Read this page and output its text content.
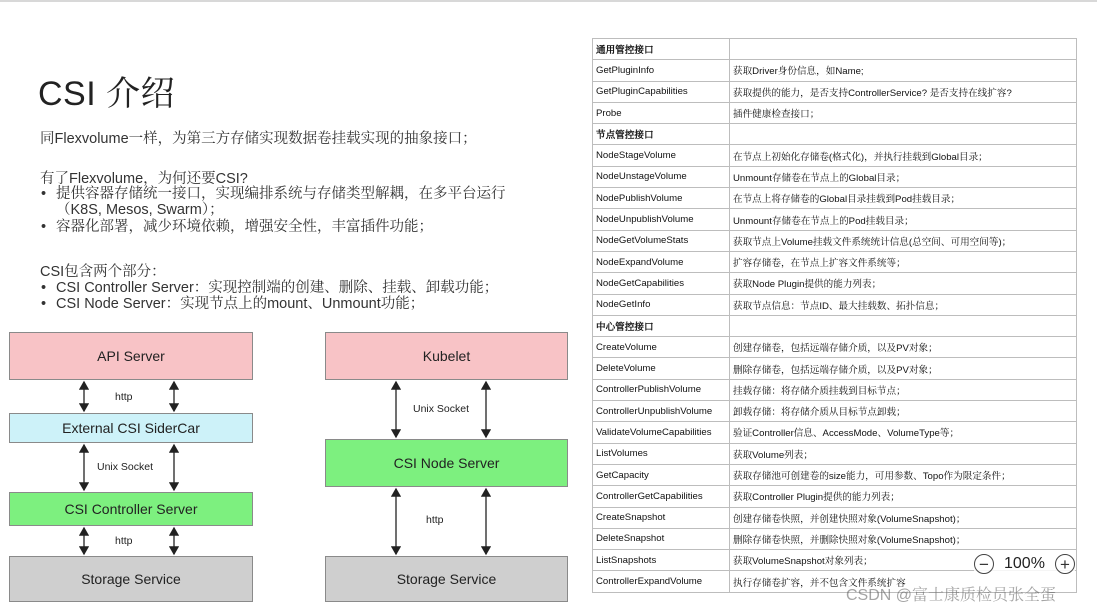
CSI 介绍
同Flexvolume一样，为第三方存储实现数据卷挂载实现的抽象接口；
有了Flexvolume，为何还要CSI?
• 提供容器存储统一接口，实现编排系统与存储类型解耦，在多平台运行（K8S, Mesos, Swarm）；
• 容器化部署，减少环境依赖，增强安全性，丰富插件功能；
CSI包含两个部分：
• CSI Controller Server：实现控制端的创建、删除、挂载、卸载功能；
• CSI Node Server：实现节点上的mount、Unmount功能；
API Server
http
External CSI SiderCar
Unix Socket
CSI Controller Server
http
Storage Service
Kubelet
Unix Socket
CSI Node Server
http
Storage Service
通用管控接口	
GetPluginInfo	获取Driver身份信息，如Name;
GetPluginCapabilities	获取提供的能力，是否支持ControllerService? 是否支持在线扩容?
Probe	插件健康检查接口；
节点管控接口	
NodeStageVolume	在节点上初始化存储卷(格式化)，并执行挂载到Global目录；
NodeUnstageVolume	Unmount存储卷在节点上的Global目录；
NodePublishVolume	在节点上将存储卷的Global目录挂载到Pod挂载目录；
NodeUnpublishVolume	Unmount存储卷在节点上的Pod挂载目录；
NodeGetVolumeStats	获取节点上Volume挂载文件系统统计信息(总空间、可用空间等)；
NodeExpandVolume	扩容存储卷，在节点上扩容文件系统等；
NodeGetCapabilities	获取Node Plugin提供的能力列表；
NodeGetInfo	获取节点信息：节点ID、最大挂载数、拓扑信息；
中心管控接口	
CreateVolume	创建存储卷，包括远端存储介质，以及PV对象；
DeleteVolume	删除存储卷，包括远端存储介质，以及PV对象；
ControllerPublishVolume	挂载存储：将存储介质挂载到目标节点；
ControllerUnpublishVolume	卸载存储：将存储介质从目标节点卸载；
ValidateVolumeCapabilities	验证Controller信息、AccessMode、VolumeType等；
ListVolumes	获取Volume列表；
GetCapacity	获取存储池可创建卷的size能力，可用参数、Topo作为限定条件；
ControllerGetCapabilities	获取Controller Plugin提供的能力列表；
CreateSnapshot	创建存储卷快照，并创建快照对象(VolumeSnapshot)；
DeleteSnapshot	删除存储卷快照，并删除快照对象(VolumeSnapshot)；
ListSnapshots	获取VolumeSnapshot对象列表；
ControllerExpandVolume	执行存储卷扩容，并不包含文件系统扩容
− 100% +
CSDN @富士康质检员张全蛋
